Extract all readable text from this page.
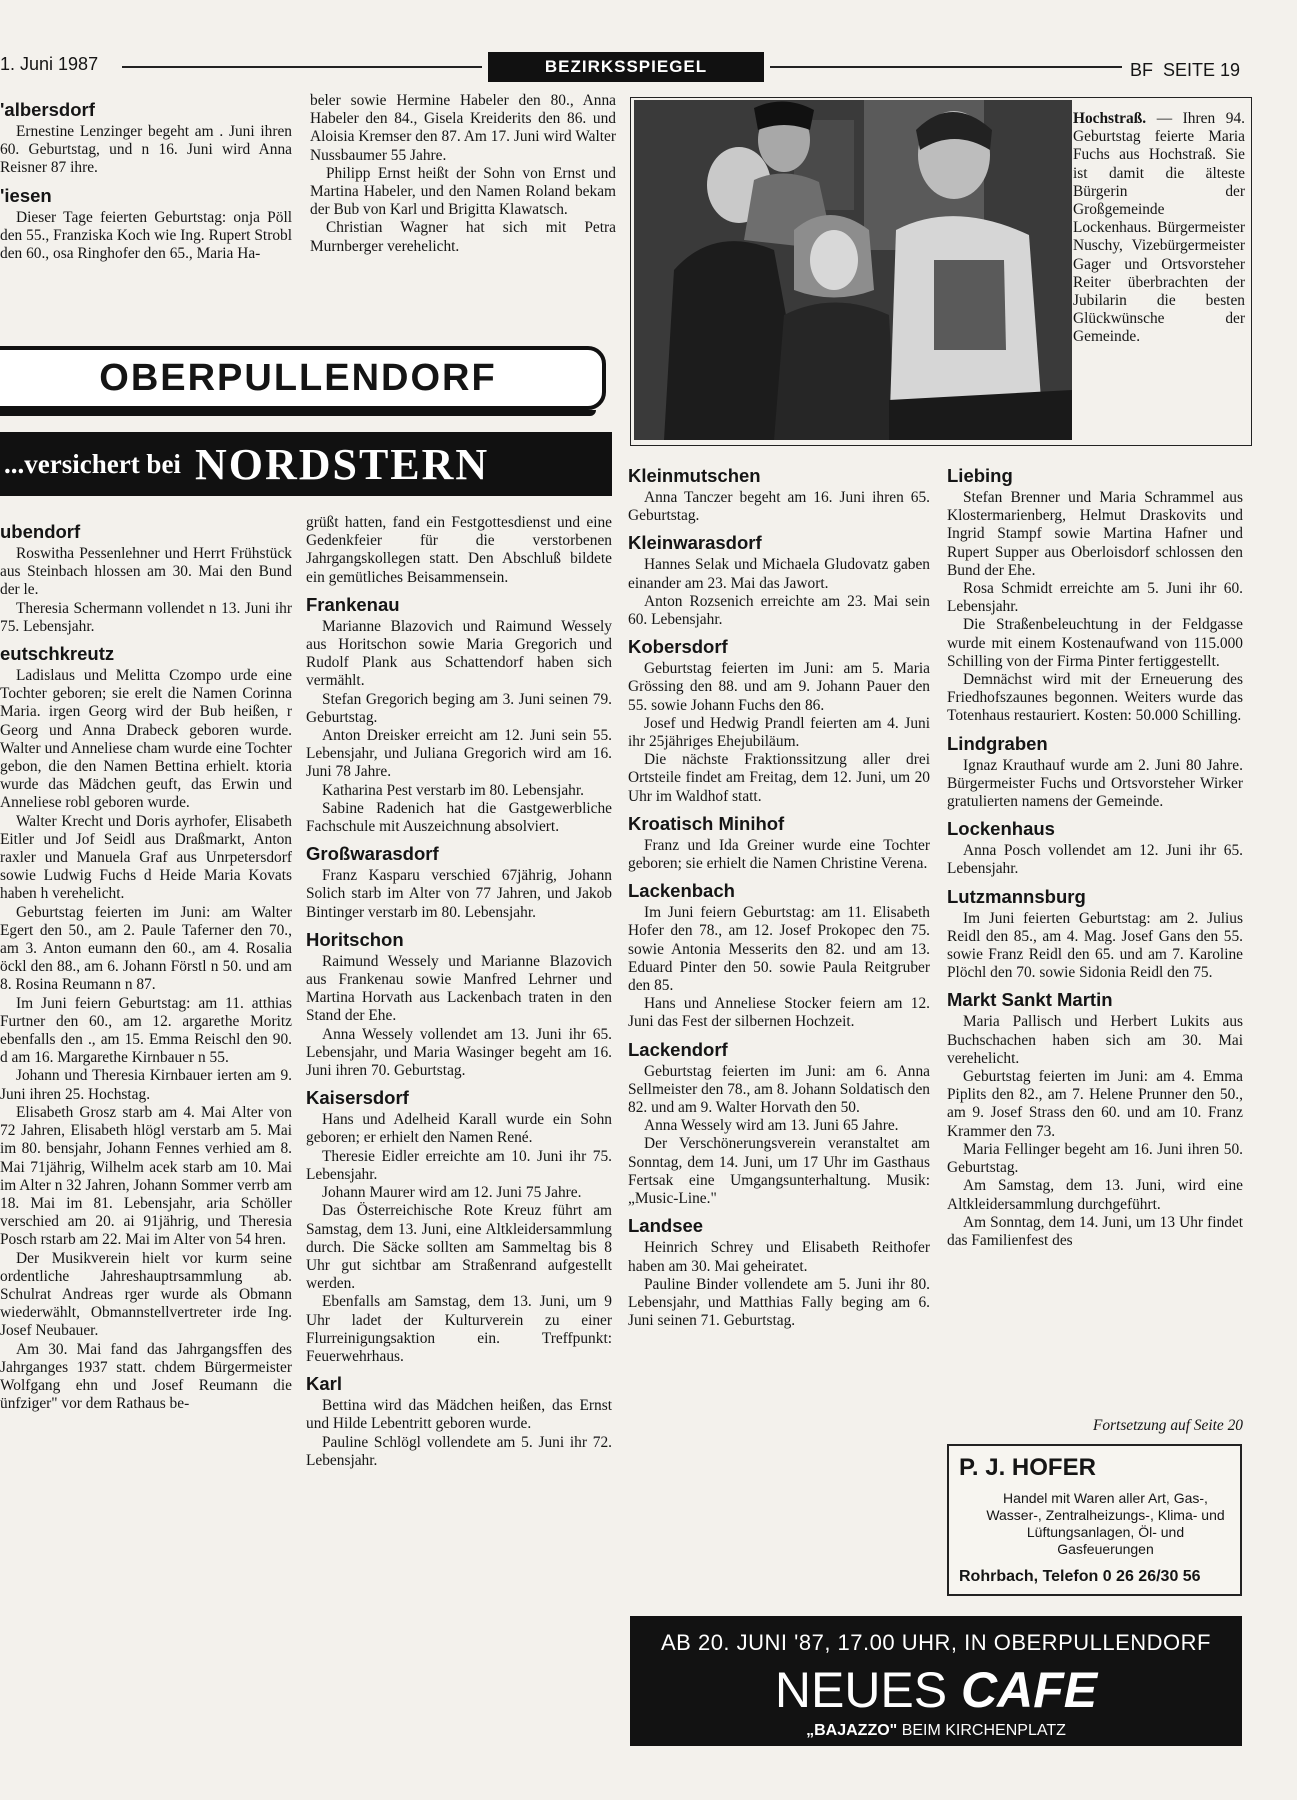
1. Juni 1987	BEZIRKSSPIEGEL	BF  SEITE 19
'albersdorf

Ernestine Lenzinger begeht am . Juni ihren 60. Geburtstag, und n 16. Juni wird Anna Reisner 87 ihre.

'iesen

Dieser Tage feierten Geburtstag: onja Pöll den 55., Franziska Koch wie Ing. Rupert Strobl den 60., osa Ringhofer den 65., Maria Ha-

beler sowie Hermine Habeler den 80., Anna Habeler den 84., Gisela Kreiderits den 86. und Aloisia Kremser den 87. Am 17. Juni wird Walter Nussbaumer 55 Jahre.

Philipp Ernst heißt der Sohn von Ernst und Martina Habeler, und den Namen Roland bekam der Bub von Karl und Brigitta Klawatsch.

Christian Wagner hat sich mit Petra Murnberger verehelicht.

OBERPULLENDORF
...versichert bei NORDSTERN
Hochstraß. — Ihren 94. Geburtstag feierte Maria Fuchs aus Hochstraß. Sie ist damit die älteste Bürgerin der Großgemeinde Lockenhaus. Bürgermeister Nuschy, Vizebürgermeister Gager und Ortsvorsteher Reiter überbrachten der Jubilarin die besten Glückwünsche der Gemeinde.
ubendorf

Roswitha Pessenlehner und Herrt Frühstück aus Steinbach hlossen am 30. Mai den Bund der le.

Theresia Schermann vollendet n 13. Juni ihr 75. Lebensjahr.

eutschkreutz

Ladislaus und Melitta Czompo urde eine Tochter geboren; sie erelt die Namen Corinna Maria. irgen Georg wird der Bub heißen, r Georg und Anna Drabeck geboren wurde. Walter und Anneliese cham wurde eine Tochter gebon, die den Namen Bettina erhielt. ktoria wurde das Mädchen geuft, das Erwin und Anneliese robl geboren wurde.

Walter Krecht und Doris ayrhofer, Elisabeth Eitler und Jof Seidl aus Draßmarkt, Anton raxler und Manuela Graf aus Unrpetersdorf sowie Ludwig Fuchs d Heide Maria Kovats haben h verehelicht.

Geburtstag feierten im Juni: am Walter Egert den 50., am 2. Paule Taferner den 70., am 3. Anton eumann den 60., am 4. Rosalia öckl den 88., am 6. Johann Förstl n 50. und am 8. Rosina Reumann n 87.

Im Juni feiern Geburtstag: am 11. atthias Furtner den 60., am 12. argarethe Moritz ebenfalls den ., am 15. Emma Reischl den 90. d am 16. Margarethe Kirnbauer n 55.

Johann und Theresia Kirnbauer ierten am 9. Juni ihren 25. Hochstag.

Elisabeth Grosz starb am 4. Mai Alter von 72 Jahren, Elisabeth hlögl verstarb am 5. Mai im 80. bensjahr, Johann Fennes verhied am 8. Mai 71jährig, Wilhelm acek starb am 10. Mai im Alter n 32 Jahren, Johann Sommer verrb am 18. Mai im 81. Lebensjahr, aria Schöller verschied am 20. ai 91jährig, und Theresia Posch rstarb am 22. Mai im Alter von 54 hren.

Der Musikverein hielt vor kurm seine ordentliche Jahreshauptrsammlung ab. Schulrat Andreas rger wurde als Obmann wiederwählt, Obmannstellvertreter irde Ing. Josef Neubauer.

Am 30. Mai fand das Jahrgangsffen des Jahrganges 1937 statt. chdem Bürgermeister Wolfgang ehn und Josef Reumann die ünfziger" vor dem Rathaus be-

grüßt hatten, fand ein Festgottesdienst und eine Gedenkfeier für die verstorbenen Jahrgangskollegen statt. Den Abschluß bildete ein gemütliches Beisammensein.

Frankenau

Marianne Blazovich und Raimund Wessely aus Horitschon sowie Maria Gregorich und Rudolf Plank aus Schattendorf haben sich vermählt.

Stefan Gregorich beging am 3. Juni seinen 79. Geburtstag.

Anton Dreisker erreicht am 12. Juni sein 55. Lebensjahr, und Juliana Gregorich wird am 16. Juni 78 Jahre.

Katharina Pest verstarb im 80. Lebensjahr.

Sabine Radenich hat die Gastgewerbliche Fachschule mit Auszeichnung absolviert.

Großwarasdorf

Franz Kasparu verschied 67jährig, Johann Solich starb im Alter von 77 Jahren, und Jakob Bintinger verstarb im 80. Lebensjahr.

Horitschon

Raimund Wessely und Marianne Blazovich aus Frankenau sowie Manfred Lehrner und Martina Horvath aus Lackenbach traten in den Stand der Ehe.

Anna Wessely vollendet am 13. Juni ihr 65. Lebensjahr, und Maria Wasinger begeht am 16. Juni ihren 70. Geburtstag.

Kaisersdorf

Hans und Adelheid Karall wurde ein Sohn geboren; er erhielt den Namen René.

Theresie Eidler erreichte am 10. Juni ihr 75. Lebensjahr.

Johann Maurer wird am 12. Juni 75 Jahre.

Das Österreichische Rote Kreuz führt am Samstag, dem 13. Juni, eine Altkleidersammlung durch. Die Säcke sollten am Sammeltag bis 8 Uhr gut sichtbar am Straßenrand aufgestellt werden.

Ebenfalls am Samstag, dem 13. Juni, um 9 Uhr ladet der Kulturverein zu einer Flurreinigungsaktion ein. Treffpunkt: Feuerwehrhaus.

Karl

Bettina wird das Mädchen heißen, das Ernst und Hilde Lebentritt geboren wurde.

Pauline Schlögl vollendete am 5. Juni ihr 72. Lebensjahr.

Kleinmutschen

Anna Tanczer begeht am 16. Juni ihren 65. Geburtstag.

Kleinwarasdorf

Hannes Selak und Michaela Gludovatz gaben einander am 23. Mai das Jawort.

Anton Rozsenich erreichte am 23. Mai sein 60. Lebensjahr.

Kobersdorf

Geburtstag feierten im Juni: am 5. Maria Grössing den 88. und am 9. Johann Pauer den 55. sowie Johann Fuchs den 86.

Josef und Hedwig Prandl feierten am 4. Juni ihr 25jähriges Ehejubiläum.

Die nächste Fraktionssitzung aller drei Ortsteile findet am Freitag, dem 12. Juni, um 20 Uhr im Waldhof statt.

Kroatisch Minihof

Franz und Ida Greiner wurde eine Tochter geboren; sie erhielt die Namen Christine Verena.

Lackenbach

Im Juni feiern Geburtstag: am 11. Elisabeth Hofer den 78., am 12. Josef Prokopec den 75. sowie Antonia Messerits den 82. und am 13. Eduard Pinter den 50. sowie Paula Reitgruber den 85.

Hans und Anneliese Stocker feiern am 12. Juni das Fest der silbernen Hochzeit.

Lackendorf

Geburtstag feierten im Juni: am 6. Anna Sellmeister den 78., am 8. Johann Soldatisch den 82. und am 9. Walter Horvath den 50.

Anna Wessely wird am 13. Juni 65 Jahre.

Der Verschönerungsverein veranstaltet am Sonntag, dem 14. Juni, um 17 Uhr im Gasthaus Fertsak eine Umgangsunterhaltung. Musik: „Music-Line."

Landsee

Heinrich Schrey und Elisabeth Reithofer haben am 30. Mai geheiratet.

Pauline Binder vollendete am 5. Juni ihr 80. Lebensjahr, und Matthias Fally beging am 6. Juni seinen 71. Geburtstag.

Liebing

Stefan Brenner und Maria Schrammel aus Klostermarienberg, Helmut Draskovits und Ingrid Stampf sowie Martina Hafner und Rupert Supper aus Oberloisdorf schlossen den Bund der Ehe.

Rosa Schmidt erreichte am 5. Juni ihr 60. Lebensjahr.

Die Straßenbeleuchtung in der Feldgasse wurde mit einem Kostenaufwand von 115.000 Schilling von der Firma Pinter fertiggestellt.

Demnächst wird mit der Erneuerung des Friedhofszaunes begonnen. Weiters wurde das Totenhaus restauriert. Kosten: 50.000 Schilling.

Lindgraben

Ignaz Krauthauf wurde am 2. Juni 80 Jahre. Bürgermeister Fuchs und Ortsvorsteher Wirker gratulierten namens der Gemeinde.

Lockenhaus

Anna Posch vollendet am 12. Juni ihr 65. Lebensjahr.

Lutzmannsburg

Im Juni feierten Geburtstag: am 2. Julius Reidl den 85., am 4. Mag. Josef Gans den 55. sowie Franz Reidl den 65. und am 7. Karoline Plöchl den 70. sowie Sidonia Reidl den 75.

Markt Sankt Martin

Maria Pallisch und Herbert Lukits aus Buchschachen haben sich am 30. Mai verehelicht.

Geburtstag feierten im Juni: am 4. Emma Piplits den 82., am 7. Helene Prunner den 50., am 9. Josef Strass den 60. und am 10. Franz Krammer den 73.

Maria Fellinger begeht am 16. Juni ihren 50. Geburtstag.

Am Samstag, dem 13. Juni, wird eine Altkleidersammlung durchgeführt.

Am Sonntag, dem 14. Juni, um 13 Uhr findet das Familienfest des

Fortsetzung auf Seite 20
P. J. HOFER
Handel mit Waren aller Art, Gas-, Wasser-, Zentralheizungs-, Klima- und Lüftungsanlagen, Öl- und Gasfeuerungen
Rohrbach, Telefon 0 26 26/30 56
AB 20. JUNI '87, 17.00 UHR, IN OBERPULLENDORF
NEUES CAFE
„BAJAZZO" BEIM KIRCHENPLATZ
